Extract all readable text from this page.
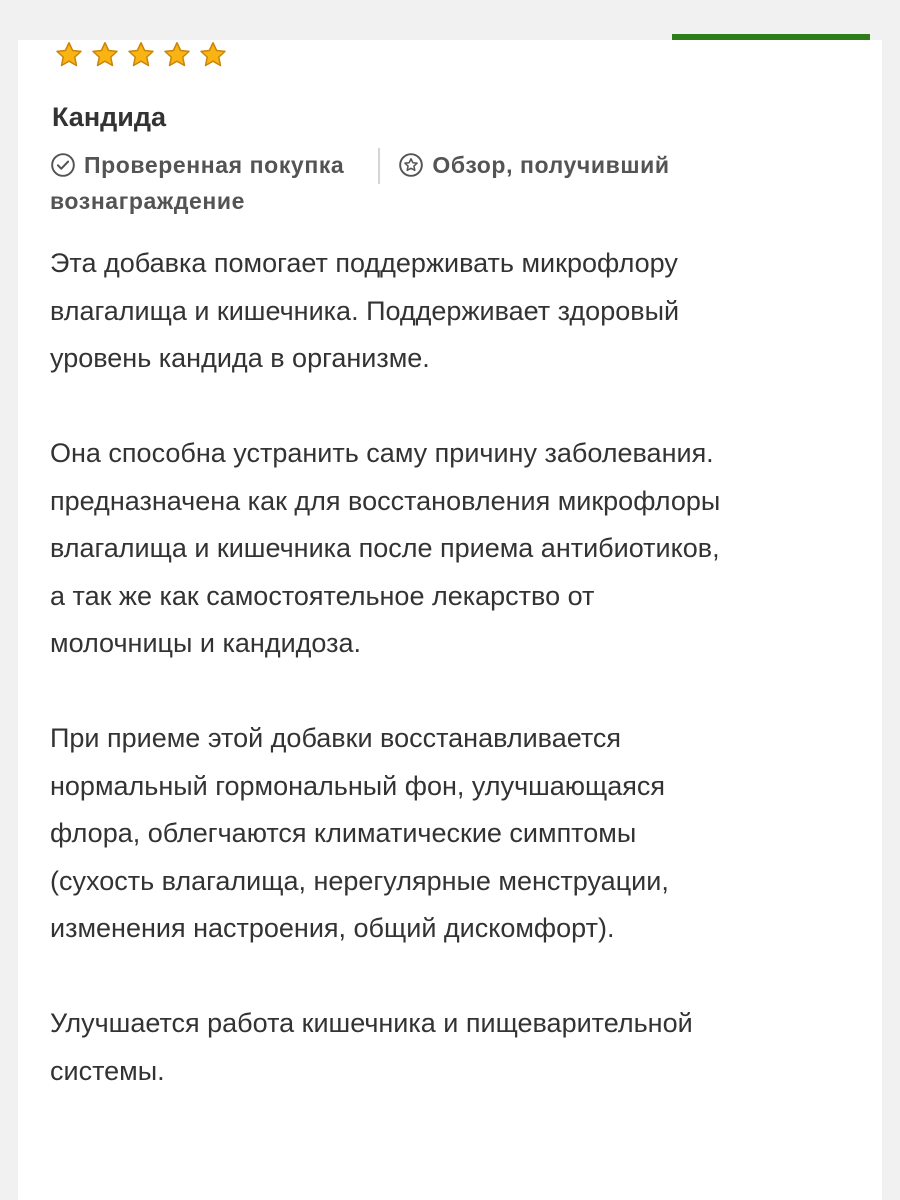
Кандида
Проверенная покупка	Обзор, получивший вознаграждение

Эта добавка помогает поддерживать микрофлору
влагалища и кишечника. Поддерживает здоровый
уровень кандида в организме.

Она способна устранить саму причину заболевания.
предназначена как для восстановления микрофлоры
влагалища и кишечника после приема антибиотиков,
а так же как самостоятельное лекарство от
молочницы и кандидоза.

При приеме этой добавки восстанавливается
нормальный гормональный фон, улучшающаяся
флора, облегчаются климатические симптомы
(сухость влагалища, нерегулярные менструации,
изменения настроения, общий дискомфорт).

Улучшается работа кишечника и пищеварительной
системы.
